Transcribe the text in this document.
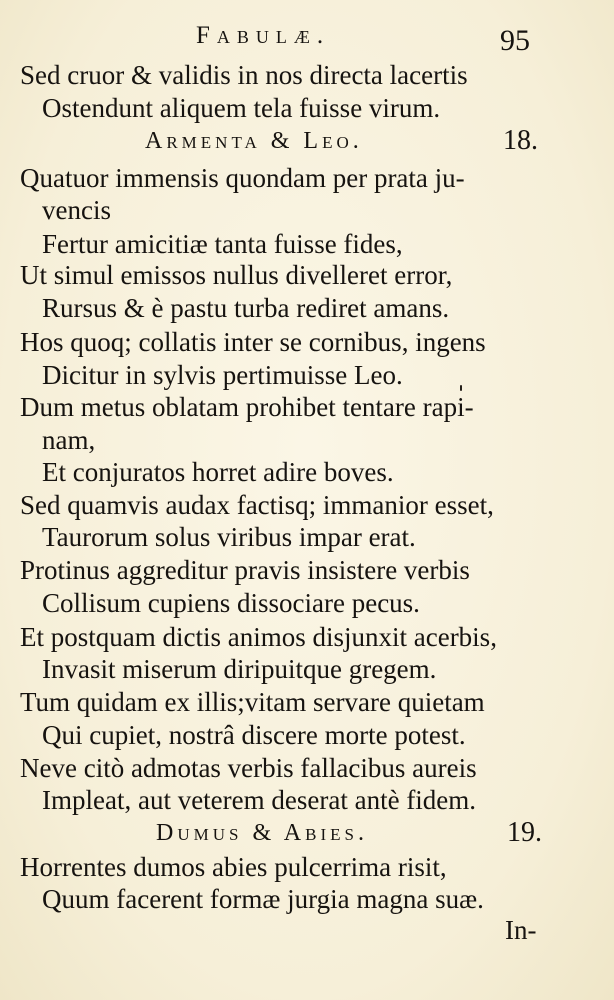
Fabulæ.	95
Sed cruor & validis in nos directa lacertis
Ostendunt aliquem tela fuisse virum.
Armenta & Leo.	18.
Quatuor immensis quondam per prata ju-
vencis
Fertur amicitiæ tanta fuisse fides,
Ut simul emissos nullus divelleret error,
Rursus & è pastu turba rediret amans.
Hos quoq; collatis inter se cornibus, ingens
Dicitur in sylvis pertimuisse Leo.
Dum metus oblatam prohibet tentare rapi-
nam,
Et conjuratos horret adire boves.
Sed quamvis audax factisq; immanior esset,
Taurorum solus viribus impar erat.
Protinus aggreditur pravis insistere verbis
Collisum cupiens dissociare pecus.
Et postquam dictis animos disjunxit acerbis,
Invasit miserum diripuitque gregem.
Tum quidam ex illis;vitam servare quietam
Qui cupiet, nostrâ discere morte potest.
Neve citò admotas verbis fallacibus aureis
Impleat, aut veterem deserat antè fidem.
Dumus & Abies.	19.
Horrentes dumos abies pulcerrima risit,
Quum facerent formæ jurgia magna suæ.
In-
